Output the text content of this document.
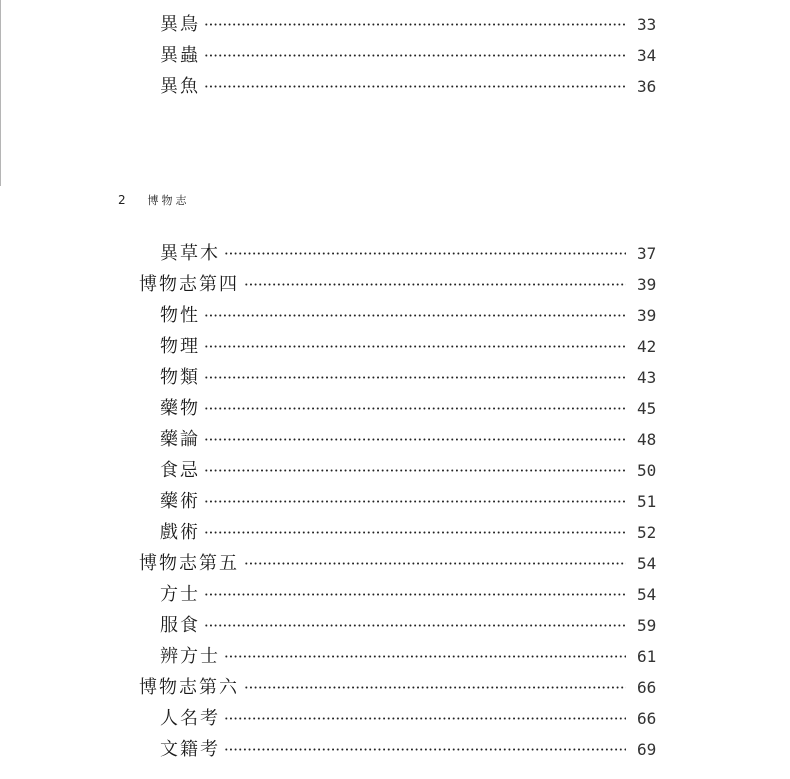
異鳥	33
異蟲	34
異魚	36
2 博物志
異草木	37
博物志第四	39
物性	39
物理	42
物類	43
藥物	45
藥論	48
食忌	50
藥術	51
戲術	52
博物志第五	54
方士	54
服食	59
辨方士	61
博物志第六	66
人名考	66
文籍考	69
